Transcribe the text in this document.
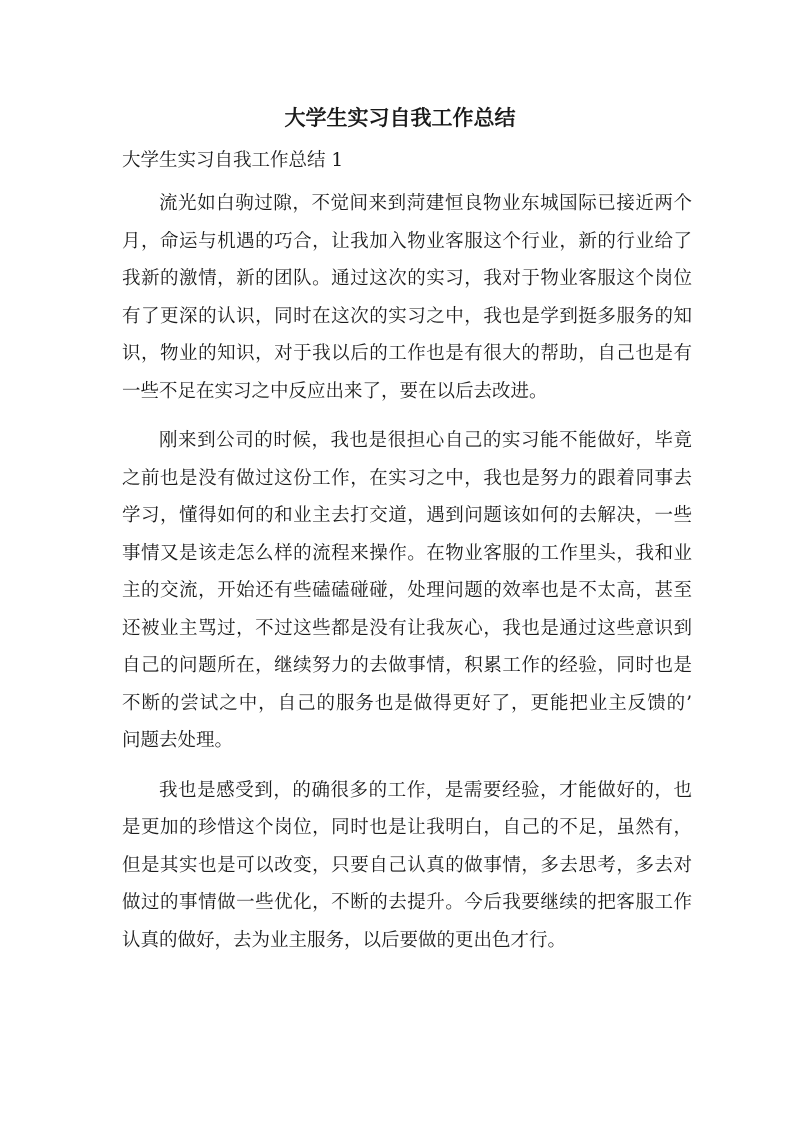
大学生实习自我工作总结
大学生实习自我工作总结 1
流光如白驹过隙，不觉间来到菏建恒良物业东城国际已接近两个
月，命运与机遇的巧合，让我加入物业客服这个行业，新的行业给了
我新的激情，新的团队。通过这次的实习，我对于物业客服这个岗位
有了更深的认识，同时在这次的实习之中，我也是学到挺多服务的知
识，物业的知识，对于我以后的工作也是有很大的帮助，自己也是有
一些不足在实习之中反应出来了，要在以后去改进。
刚来到公司的时候，我也是很担心自己的实习能不能做好，毕竟
之前也是没有做过这份工作，在实习之中，我也是努力的跟着同事去
学习，懂得如何的和业主去打交道，遇到问题该如何的去解决，一些
事情又是该走怎么样的流程来操作。在物业客服的工作里头，我和业
主的交流，开始还有些磕磕碰碰，处理问题的效率也是不太高，甚至
还被业主骂过，不过这些都是没有让我灰心，我也是通过这些意识到
自己的问题所在，继续努力的去做事情，积累工作的经验，同时也是
不断的尝试之中，自己的服务也是做得更好了，更能把业主反馈的’
问题去处理。
我也是感受到，的确很多的工作，是需要经验，才能做好的，也
是更加的珍惜这个岗位，同时也是让我明白，自己的不足，虽然有，
但是其实也是可以改变，只要自己认真的做事情，多去思考，多去对
做过的事情做一些优化，不断的去提升。今后我要继续的把客服工作
认真的做好，去为业主服务，以后要做的更出色才行。
